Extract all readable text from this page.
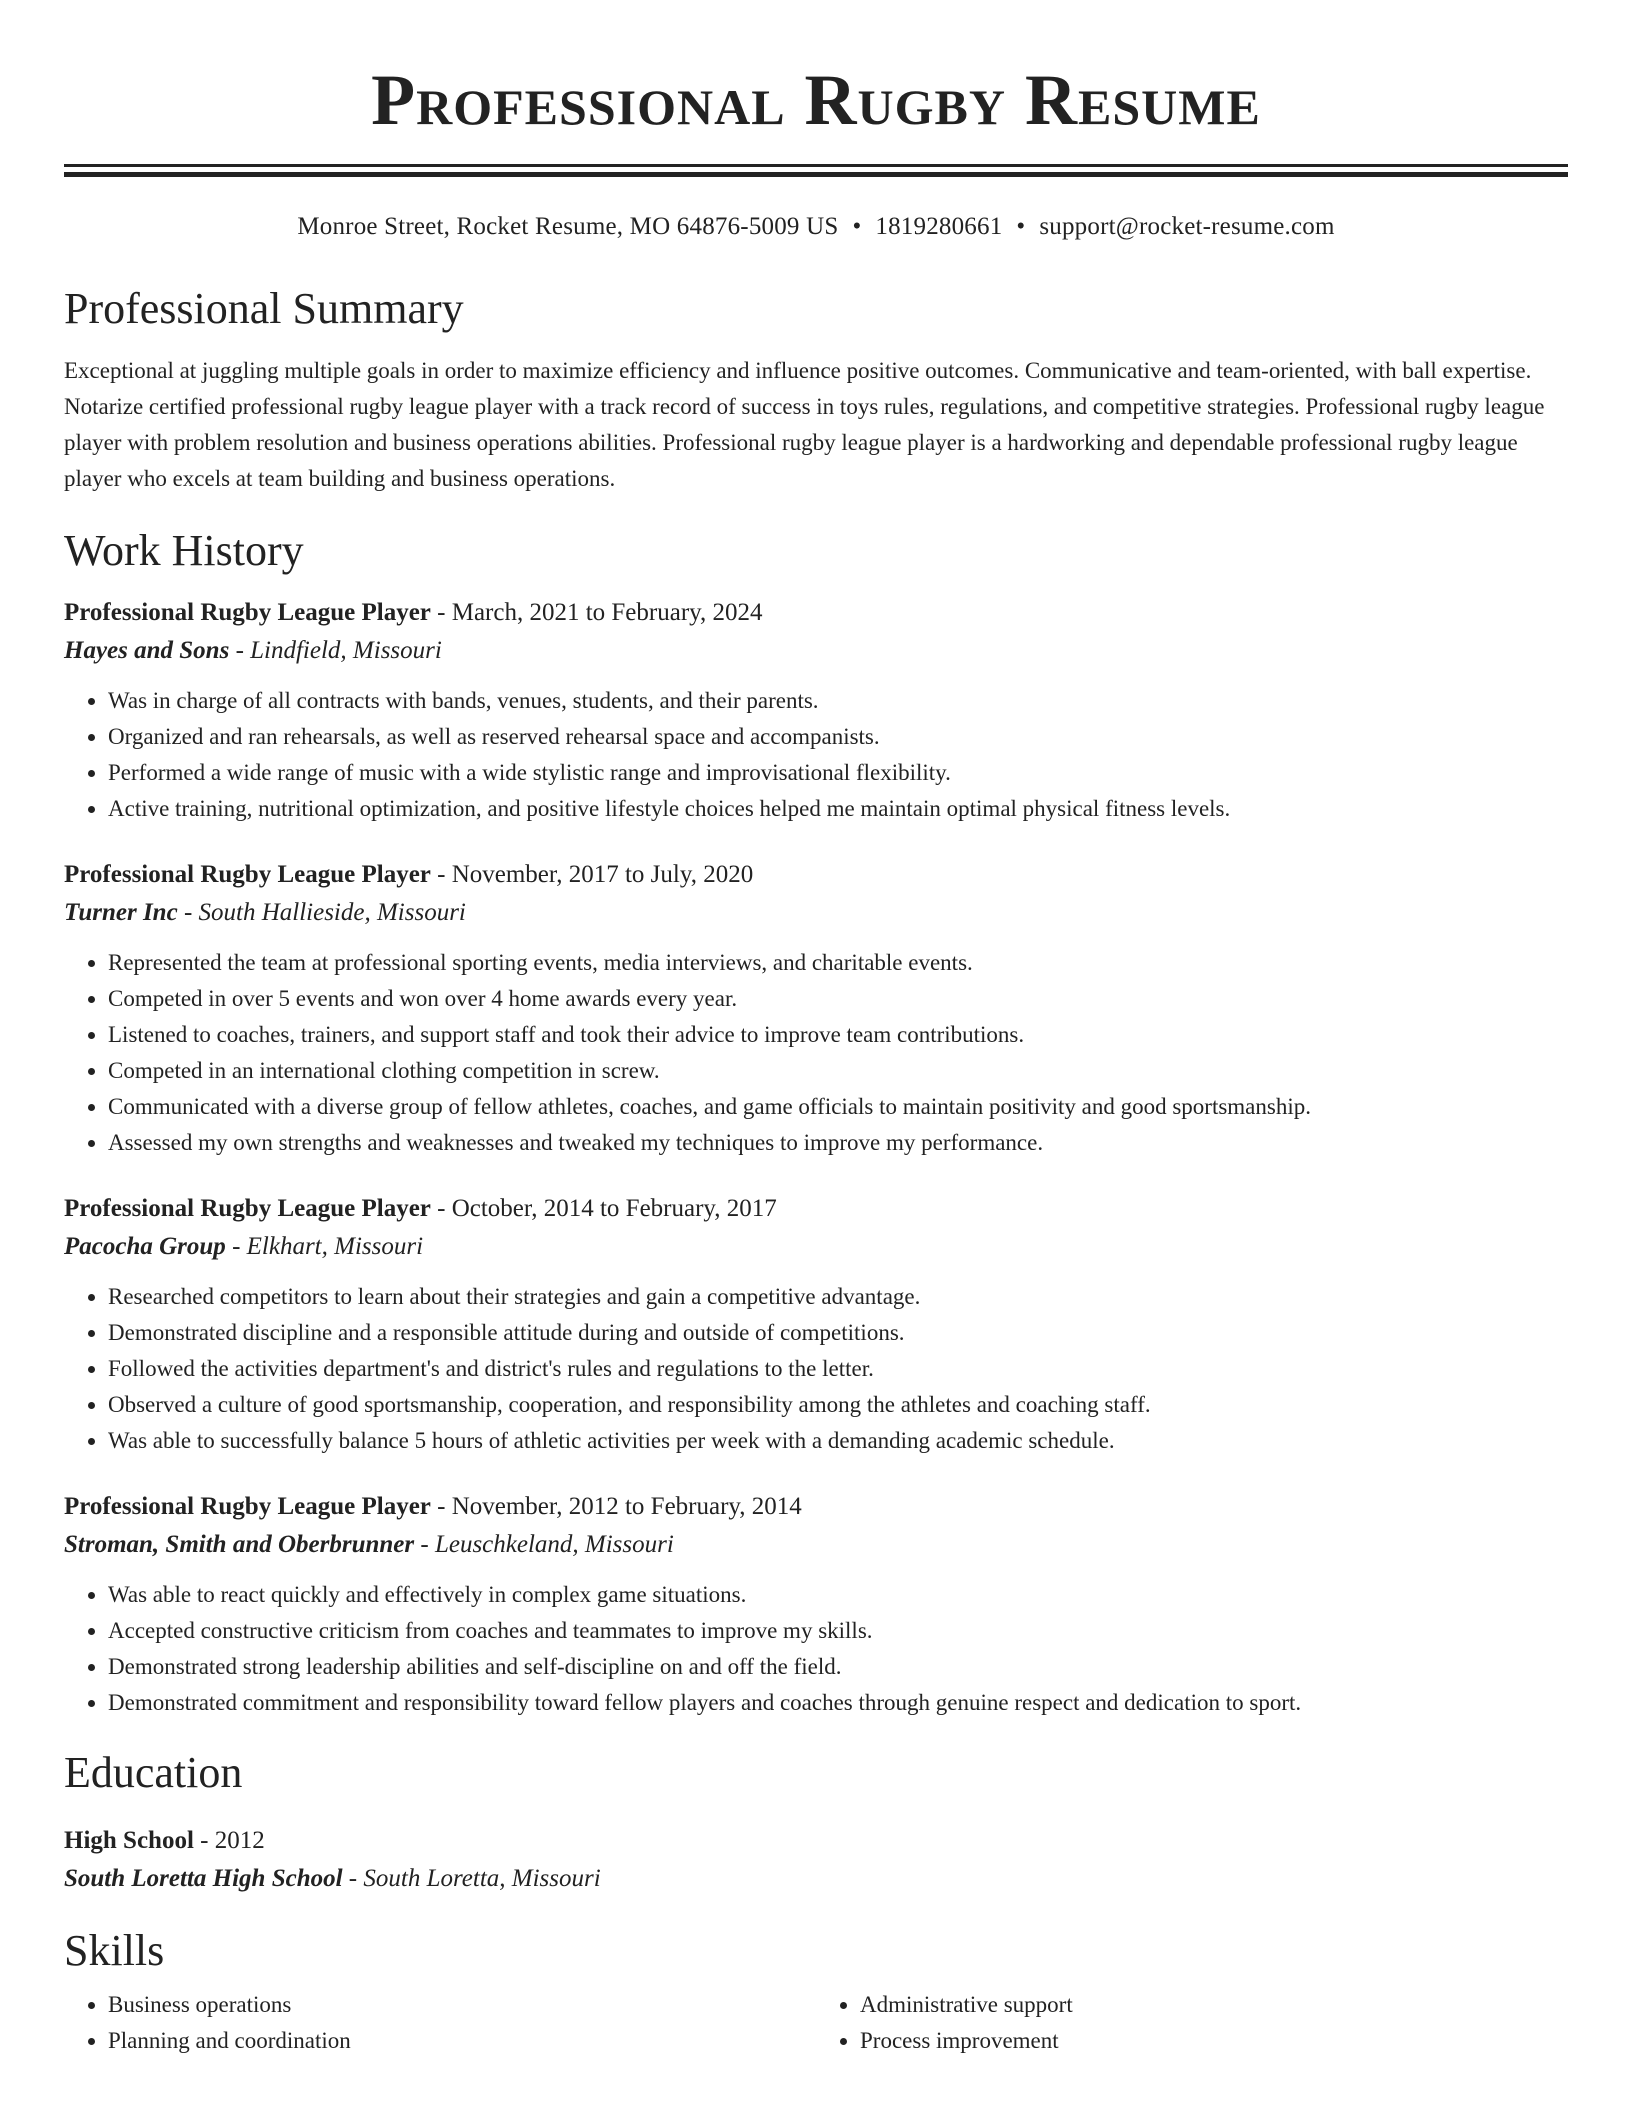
Professional Rugby Resume
Monroe Street, Rocket Resume, MO 64876-5009 US • 1819280661 • support@rocket-resume.com
Professional Summary

Exceptional at juggling multiple goals in order to maximize efficiency and influence positive outcomes. Communicative and team-oriented, with ball expertise. Notarize certified professional rugby league player with a track record of success in toys rules, regulations, and competitive strategies. Professional rugby league player with problem resolution and business operations abilities. Professional rugby league player is a hardworking and dependable professional rugby league player who excels at team building and business operations.

Work History
Professional Rugby League Player - March, 2021 to February, 2024
Hayes and Sons - Lindfield, Missouri
• Was in charge of all contracts with bands, venues, students, and their parents.
• Organized and ran rehearsals, as well as reserved rehearsal space and accompanists.
• Performed a wide range of music with a wide stylistic range and improvisational flexibility.
• Active training, nutritional optimization, and positive lifestyle choices helped me maintain optimal physical fitness levels.
Professional Rugby League Player - November, 2017 to July, 2020
Turner Inc - South Hallieside, Missouri
• Represented the team at professional sporting events, media interviews, and charitable events.
• Competed in over 5 events and won over 4 home awards every year.
• Listened to coaches, trainers, and support staff and took their advice to improve team contributions.
• Competed in an international clothing competition in screw.
• Communicated with a diverse group of fellow athletes, coaches, and game officials to maintain positivity and good sportsmanship.
• Assessed my own strengths and weaknesses and tweaked my techniques to improve my performance.
Professional Rugby League Player - October, 2014 to February, 2017
Pacocha Group - Elkhart, Missouri
• Researched competitors to learn about their strategies and gain a competitive advantage.
• Demonstrated discipline and a responsible attitude during and outside of competitions.
• Followed the activities department's and district's rules and regulations to the letter.
• Observed a culture of good sportsmanship, cooperation, and responsibility among the athletes and coaching staff.
• Was able to successfully balance 5 hours of athletic activities per week with a demanding academic schedule.
Professional Rugby League Player - November, 2012 to February, 2014
Stroman, Smith and Oberbrunner - Leuschkeland, Missouri
• Was able to react quickly and effectively in complex game situations.
• Accepted constructive criticism from coaches and teammates to improve my skills.
• Demonstrated strong leadership abilities and self-discipline on and off the field.
• Demonstrated commitment and responsibility toward fellow players and coaches through genuine respect and dedication to sport.
Education
High School - 2012
South Loretta High School - South Loretta, Missouri
Skills
• Business operations
• Planning and coordination
• Administrative support
• Process improvement
